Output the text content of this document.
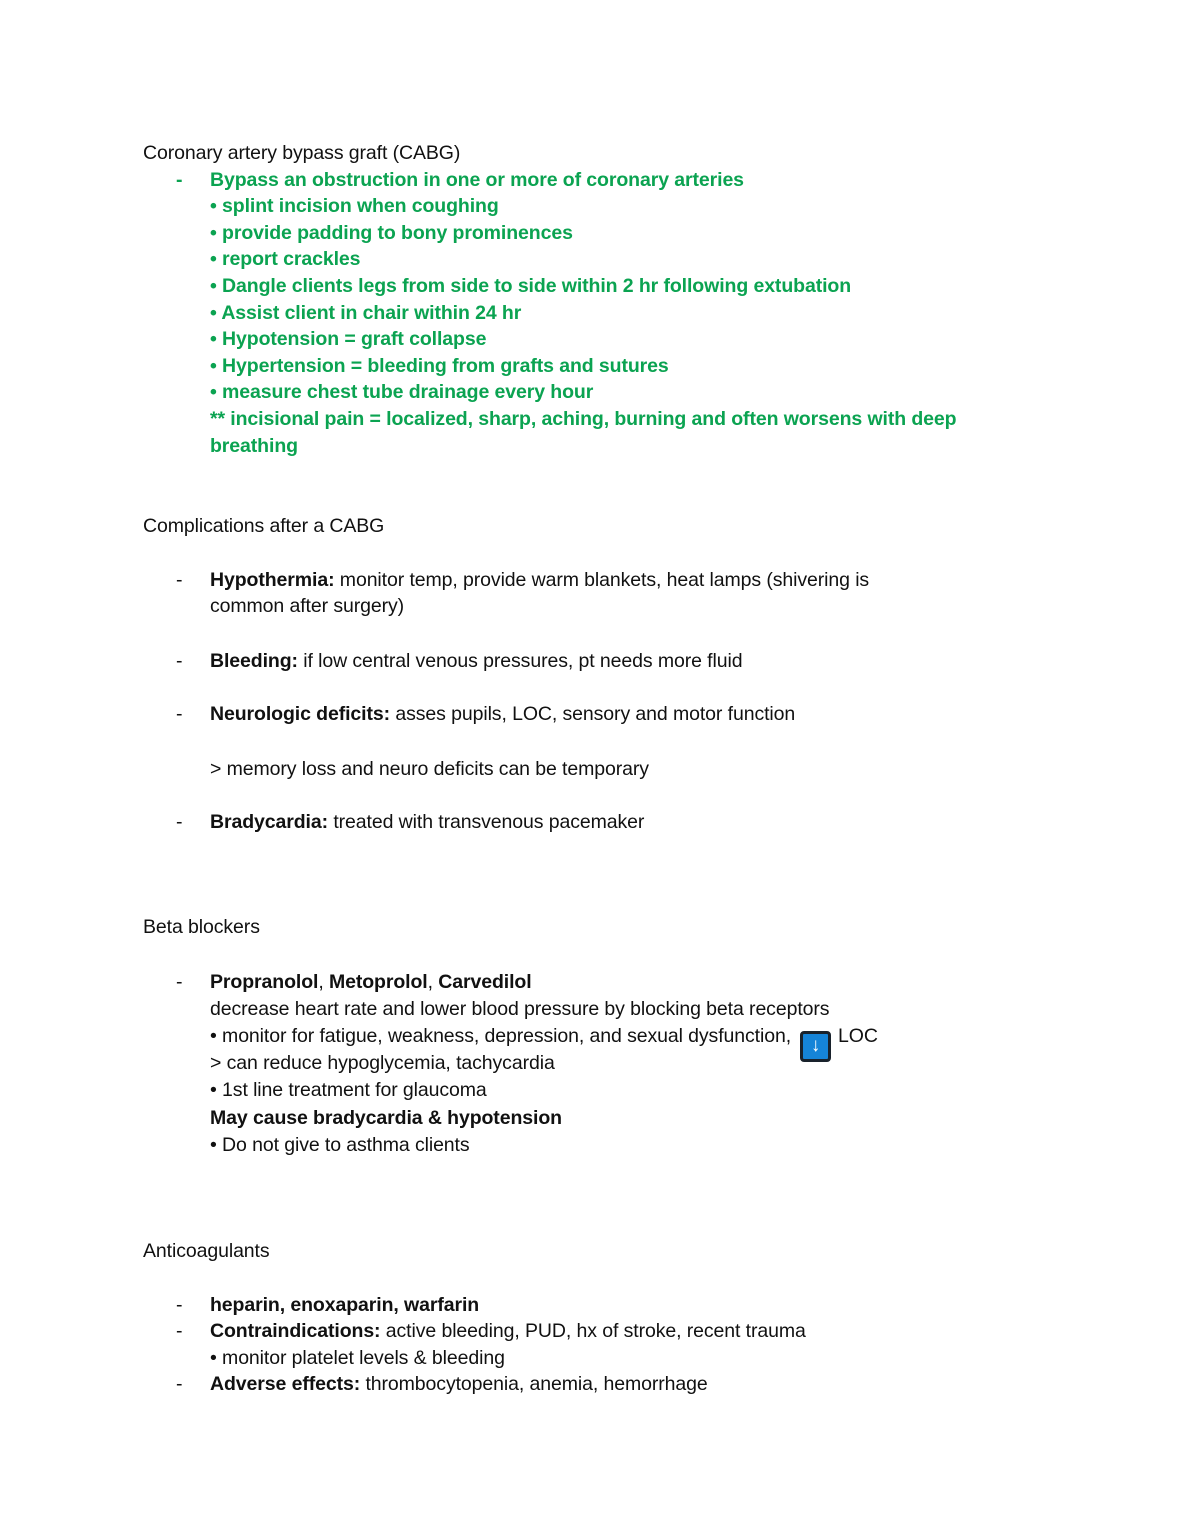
Coronary artery bypass graft (CABG)
-	Bypass an obstruction in one or more of coronary arteries
• splint incision when coughing
• provide padding to bony prominences
• report crackles
• Dangle clients legs from side to side within 2 hr following extubation
• Assist client in chair within 24 hr
• Hypotension = graft collapse
• Hypertension = bleeding from grafts and sutures
• measure chest tube drainage every hour
** incisional pain = localized, sharp, aching, burning and often worsens with deep
breathing
Complications after a CABG
-	Hypothermia: monitor temp, provide warm blankets, heat lamps (shivering is
common after surgery)
-	Bleeding: if low central venous pressures, pt needs more fluid
-	Neurologic deficits: asses pupils, LOC, sensory and motor function
> memory loss and neuro deficits can be temporary
-	Bradycardia: treated with transvenous pacemaker
Beta blockers
-	Propranolol, Metoprolol, Carvedilol
decrease heart rate and lower blood pressure by blocking beta receptors
• monitor for fatigue, weakness, depression, and sexual dysfunction, ↓ LOC
> can reduce hypoglycemia, tachycardia
• 1st line treatment for glaucoma
May cause bradycardia & hypotension
• Do not give to asthma clients
Anticoagulants
-	heparin, enoxaparin, warfarin
-	Contraindications: active bleeding, PUD, hx of stroke, recent trauma
• monitor platelet levels & bleeding
-	Adverse effects: thrombocytopenia, anemia, hemorrhage
